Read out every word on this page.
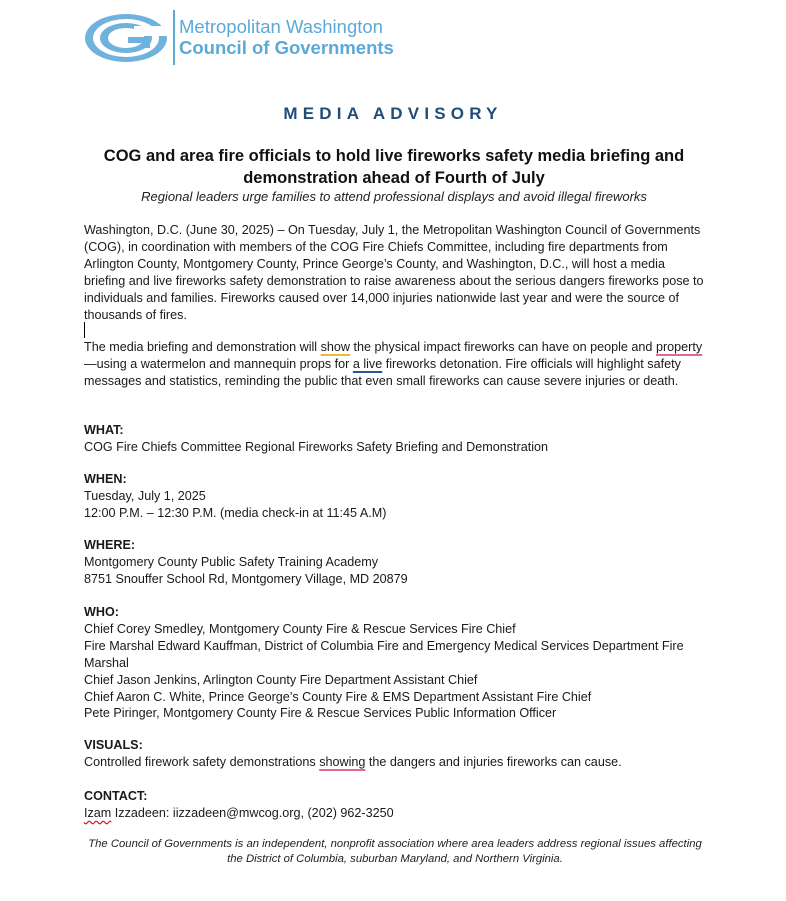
Metropolitan Washington
Council of Governments
MEDIA ADVISORY
COG and area fire officials to hold live fireworks safety media briefing and
demonstration ahead of Fourth of July
Regional leaders urge families to attend professional displays and avoid illegal fireworks

Washington, D.C. (June 30, 2025) – On Tuesday, July 1, the Metropolitan Washington Council of Governments (COG), in coordination with members of the COG Fire Chiefs Committee, including fire departments from Arlington County, Montgomery County, Prince George’s County, and Washington, D.C., will host a media briefing and live fireworks safety demonstration to raise awareness about the serious dangers fireworks pose to individuals and families. Fireworks caused over 14,000 injuries nationwide last year and were the source of thousands of fires.

The media briefing and demonstration will show the physical impact fireworks can have on people and property—using a watermelon and mannequin props for a live fireworks detonation. Fire officials will highlight safety messages and statistics, reminding the public that even small fireworks can cause severe injuries or death.

WHAT:
COG Fire Chiefs Committee Regional Fireworks Safety Briefing and Demonstration
WHEN:
Tuesday, July 1, 2025
12:00 P.M. – 12:30 P.M. (media check-in at 11:45 A.M)
WHERE:
Montgomery County Public Safety Training Academy
8751 Snouffer School Rd, Montgomery Village, MD 20879
WHO:
Chief Corey Smedley, Montgomery County Fire & Rescue Services Fire Chief
Fire Marshal Edward Kauffman, District of Columbia Fire and Emergency Medical Services Department Fire Marshal
Chief Jason Jenkins, Arlington County Fire Department Assistant Chief
Chief Aaron C. White, Prince George’s County Fire & EMS Department Assistant Fire Chief
Pete Piringer, Montgomery County Fire & Rescue Services Public Information Officer
VISUALS:
Controlled firework safety demonstrations showing the dangers and injuries fireworks can cause.
CONTACT:
Izam Izzadeen: iizzadeen@mwcog.org, (202) 962-3250
The Council of Governments is an independent, nonprofit association where area leaders address regional issues affecting the District of Columbia, suburban Maryland, and Northern Virginia.
